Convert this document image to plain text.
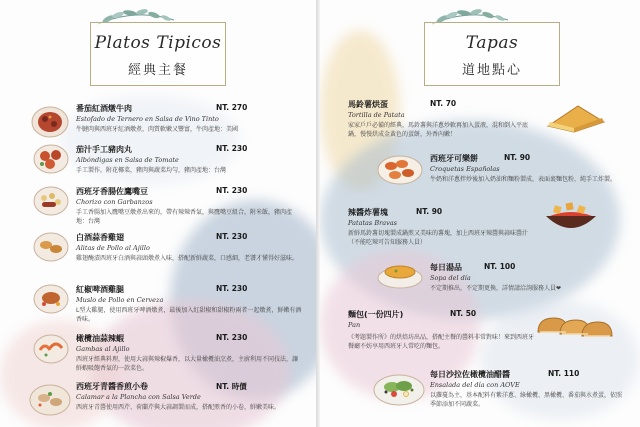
Platos Tipicos
經典主餐
番茄紅酒燉牛肉	NT. 270
Estofado de Ternero en Salsa de Vino Tinto
牛腱肉與西班牙紅酒燉煮，肉質軟嫩又豐富，牛肉產地：美國
茄汁手工豬肉丸	NT. 230
Albóndigas en Salsa de Tomate
手工製作，附花椰菜，豬肉與蔬菜均勻，豬肉產地：台灣
西班牙香腸佐鷹嘴豆	NT. 230
Chorizo con Garbanzos
手工香腸加入鷹嘴豆燉煮出來的，帶有辣辣香氣，與鷹嘴豆組合，附米飯，豬肉產地：台灣
白酒蒜香雞翅	NT. 230
Alitas de Pollo al Ajillo
雞翅醃漬西班牙白酒與蒜頭燉煮入味，搭配新鮮蔬菜，口感細，老饕才懂得好滋味。
紅椒啤酒雞腿	NT. 230
Muslo de Pollo en Cerveza
L型大雞腿，使用西班牙啤酒燉煮，最後加入紅甜椒和甜椒粉兩者一起燉煮，鮮嫩有酒香味。
橄欖油蒜辣蝦	NT. 230
Gambas al Ajillo
西班牙經典料理，使用大蒜與辣椒爆香，以大量橄欖油烹煮，主廚利用不同技法，讓鮮蝦吸飽香氣的一款菜色。
西班牙青醬香煎小卷	NT. 時價
Calamar a la Plancha con Salsa Verde
西班牙青醬使用西芹、荷蘭芹與大蒜調製而成，搭配煎香的小卷，鮮嫩美味。
Tapas
道地點心
馬鈴薯烘蛋	NT. 70
Tortilla de Patata
家家戶戶必備的經典，馬鈴薯與洋蔥炒軟再加入蛋液，混和倒入平底鍋，慢慢烘成金黃色的蛋餅，外香內嫩！
西班牙可樂餅	NT. 90
Croquetas Españolas
牛奶和洋蔥拌炒後加入奶油和麵粉製成，表面裹麵包粉，純手工炸製。
辣醬炸薯塊	NT. 90
Patatas Bravas
新鮮馬鈴薯切塊製成鍋煎又美味的薯塊，加上西班牙辣醬與蒜味醬汁（不能吃辣可告知服務人員）
每日湯品	NT. 100
Sopa del día
不定期推出，不定期更換，詳情請洽詢服務人員❤
麵包(一份四片)	NT. 50
Pan
《考題製作所》的烘焙坊出品，搭配主餐的醬料非常對味！來到西班牙餐廳不妨享用西班牙人常吃的麵包。
每日沙拉佐橄欖油醋醬	NT. 110
Ensalada del día con AOVE
以蘿蔓為主，基本配料有紫洋蔥、綠橄欖、黑橄欖、番茄與水煮蛋，依照季節添加不同蔬菜。
